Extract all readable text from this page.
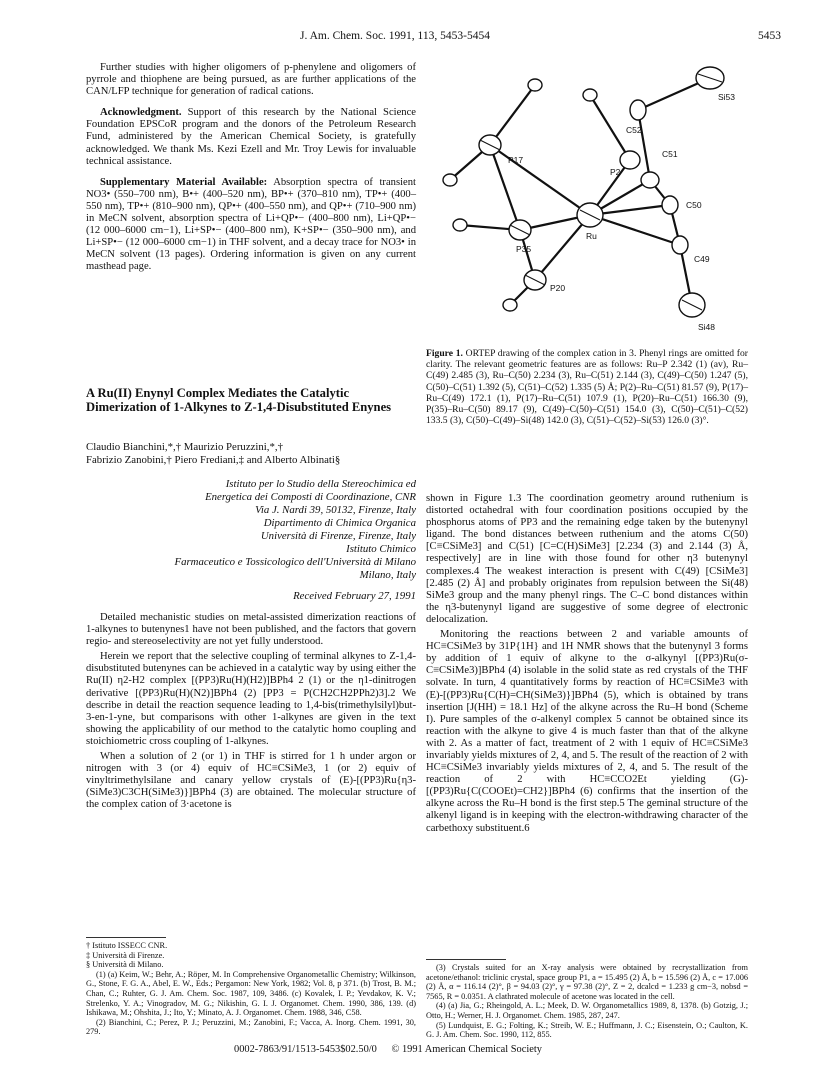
J. Am. Chem. Soc. 1991, 113, 5453-5454	5453

Further studies with higher oligomers of p-phenylene and oligomers of pyrrole and thiophene are being pursued, as are further applications of the CAN/LFP technique for generation of radical cations.

Acknowledgment. Support of this research by the National Science Foundation EPSCoR program and the donors of the Petroleum Research Fund, administered by the American Chemical Society, is gratefully acknowledged. We thank Ms. Kezi Ezell and Mr. Troy Lewis for invaluable technical assistance.

Supplementary Material Available: Absorption spectra of transient NO3• (550–700 nm), B•+ (400–520 nm), BP•+ (370–810 nm), TP•+ (400–550 nm), TP•+ (810–900 nm), QP•+ (400–550 nm), and QP•+ (710–900 nm) in MeCN solvent, absorption spectra of Li+QP•− (400–800 nm), Li+QP•− (12 000–6000 cm−1), Li+SP•− (400–800 nm), K+SP•− (350–900 nm), and Li+SP•− (12 000–6000 cm−1) in THF solvent, and a decay trace for NO3• in MeCN solvent (13 pages). Ordering information is given on any current masthead page.

A Ru(II) Enynyl Complex Mediates the Catalytic Dimerization of 1-Alkynes to Z-1,4-Disubstituted Enynes
Claudio Bianchini,*,† Maurizio Peruzzini,*,†
Fabrizio Zanobini,† Piero Frediani,‡ and Alberto Albinati§
Istituto per lo Studio della Stereochimica ed
Energetica dei Composti di Coordinazione, CNR
Via J. Nardi 39, 50132, Firenze, Italy
Dipartimento di Chimica Organica
Università di Firenze, Firenze, Italy
Istituto Chimico
Farmaceutico e Tossicologico dell'Università di Milano
Milano, Italy
Received February 27, 1991

Detailed mechanistic studies on metal-assisted dimerization reactions of 1-alkynes to butenynes1 have not been published, and the factors that govern regio- and stereoselectivity are not yet fully understood.

Herein we report that the selective coupling of terminal alkynes to Z-1,4-disubstituted butenynes can be achieved in a catalytic way by using either the Ru(II) η2-H2 complex [(PP3)Ru(H)(H2)]BPh4 2 (1) or the η1-dinitrogen derivative [(PP3)Ru(H)(N2)]BPh4 (2) [PP3 = P(CH2CH2PPh2)3].2 We describe in detail the reaction sequence leading to 1,4-bis(trimethylsilyl)but-3-en-1-yne, but comparisons with other 1-alkynes are given in the text showing the applicability of our method to the catalytic homo coupling and stoichiometric cross coupling of 1-alkynes.

When a solution of 2 (or 1) in THF is stirred for 1 h under argon or nitrogen with 3 (or 4) equiv of HC≡CSiMe3, 1 (or 2) equiv of vinyltrimethylsilane and canary yellow crystals of (E)-[(PP3)Ru{η3-(SiMe3)C3CH(SiMe3)}]BPh4 (3) are obtained. The molecular structure of the complex cation of 3·acetone is

† Istituto ISSECC CNR.

‡ Università di Firenze.

§ Università di Milano.

(1) (a) Keim, W.; Behr, A.; Röper, M. In Comprehensive Organometallic Chemistry; Wilkinson, G., Stone, F. G. A., Abel, E. W., Eds.; Pergamon: New York, 1982; Vol. 8, p 371. (b) Trost, B. M.; Chan, C.; Ruhter, G. J. Am. Chem. Soc. 1987, 109, 3486. (c) Kovalek, I. P.; Yevdakov, K. V.; Strelenko, Y. A.; Vinogradov, M. G.; Nikishin, G. I. J. Organomet. Chem. 1990, 386, 139. (d) Ishikawa, M.; Ohshita, J.; Ito, Y.; Minato, A. J. Organomet. Chem. 1988, 346, C58.

(2) Bianchini, C.; Perez, P. J.; Peruzzini, M.; Zanobini, F.; Vacca, A. Inorg. Chem. 1991, 30, 279.

Si53
C52
C51
P17
P2
P35
Ru
C50
C49
P20
Si48
Figure 1. ORTEP drawing of the complex cation in 3. Phenyl rings are omitted for clarity. The relevant geometric features are as follows: Ru–P 2.342 (1) (av), Ru–C(49) 2.485 (3), Ru–C(50) 2.234 (3), Ru–C(51) 2.144 (3), C(49)–C(50) 1.247 (5), C(50)–C(51) 1.392 (5), C(51)–C(52) 1.335 (5) Å; P(2)–Ru–C(51) 81.57 (9), P(17)–Ru–C(49) 172.1 (1), P(17)–Ru–C(51) 107.9 (1), P(20)–Ru–C(51) 166.30 (9), P(35)–Ru–C(50) 89.17 (9), C(49)–C(50)–C(51) 154.0 (3), C(50)–C(51)–C(52) 133.5 (3), C(50)–C(49)–Si(48) 142.0 (3), C(51)–C(52)–Si(53) 126.0 (3)°.

shown in Figure 1.3 The coordination geometry around ruthenium is distorted octahedral with four coordination positions occupied by the phosphorus atoms of PP3 and the remaining edge taken by the butenynyl ligand. The bond distances between ruthenium and the atoms C(50) [C≡CSiMe3] and C(51) [C=C(H)SiMe3] [2.234 (3) and 2.144 (3) Å, respectively] are in line with those found for other η3 butenynyl complexes.4 The weakest interaction is present with C(49) [CSiMe3] [2.485 (2) Å] and probably originates from repulsion between the Si(48) SiMe3 group and the many phenyl rings. The C–C bond distances within the η3-butenynyl ligand are suggestive of some degree of electronic delocalization.

Monitoring the reactions between 2 and variable amounts of HC≡CSiMe3 by 31P{1H} and 1H NMR shows that the butenynyl 3 forms by addition of 1 equiv of alkyne to the σ-alkynyl [(PP3)Ru(σ-C≡CSiMe3)]BPh4 (4) isolable in the solid state as red crystals of the THF solvate. In turn, 4 quantitatively forms by reaction of HC≡CSiMe3 with (E)-[(PP3)Ru{C(H)=CH(SiMe3)}]BPh4 (5), which is obtained by trans insertion [J(HH) = 18.1 Hz] of the alkyne across the Ru–H bond (Scheme I). Pure samples of the σ-alkenyl complex 5 cannot be obtained since its reaction with the alkyne to give 4 is much faster than that of the alkyne with 2. As a matter of fact, treatment of 2 with 1 equiv of HC≡CSiMe3 invariably yields mixtures of 2, 4, and 5. The result of the reaction of 2 with HC≡CSiMe3 invariably yields mixtures of 2, 4, and 5. The result of the reaction of 2 with HC≡CCO2Et yielding (G)-[(PP3)Ru{C(COOEt)=CH2}]BPh4 (6) confirms that the insertion of the alkyne across the Ru–H bond is the first step.5 The geminal structure of the alkenyl ligand is in keeping with the electron-withdrawing character of the carbethoxy substituent.6

(3) Crystals suited for an X-ray analysis were obtained by recrystallization from acetone/ethanol: triclinic crystal, space group P1, a = 15.495 (2) Å, b = 15.596 (2) Å, c = 17.006 (2) Å, α = 116.14 (2)°, β = 94.03 (2)°, γ = 97.38 (2)°, Z = 2, dcalcd = 1.233 g cm−3, nobsd = 7565, R = 0.0351. A clathrated molecule of acetone was located in the cell.

(4) (a) Jia, G.; Rheingold, A. L.; Meek, D. W. Organometallics 1989, 8, 1378. (b) Gotzig, J.; Otto, H.; Werner, H. J. Organomet. Chem. 1985, 287, 247.

(5) Lundquist, E. G.; Folting, K.; Streib, W. E.; Huffmann, J. C.; Eisenstein, O.; Caulton, K. G. J. Am. Chem. Soc. 1990, 112, 855.

0002-7863/91/1513-5453$02.50/0 © 1991 American Chemical Society
